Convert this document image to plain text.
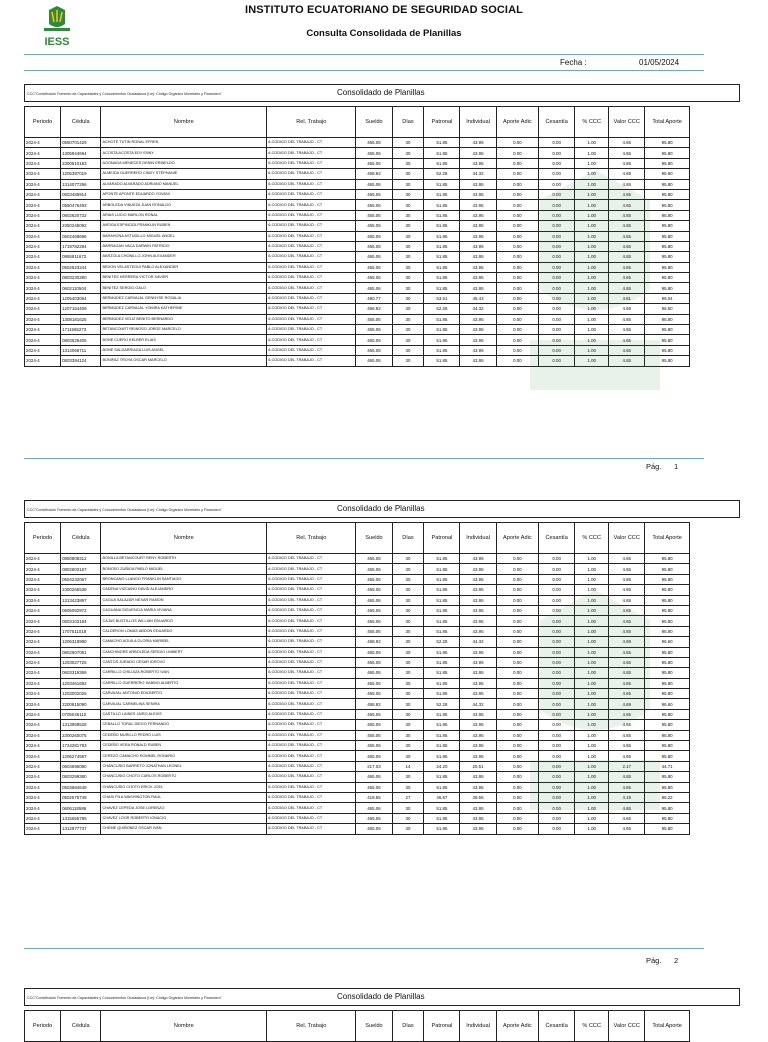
IESS
INSTITUTO ECUATORIANO DE SEGURIDAD SOCIAL
Consulta Consolidada de Planillas
Fecha :	01/05/2024
CCC"Contribución Fomento de Capacidades y Conocimientos Ciudadanos (Ley: Código Orgánico Monetario y Financiero"	Consolidado de Planillas
Periodo	Cédula	Nombre	Rel. Trabajo	Sueldo	Días	Patronal	Individual	Aporte Adic	Cesantía	% CCC	Valor CCC	Total Aporte
2024-4	0550701429	ACHOTE TUTIN RONAL EFREN	6-CODIGO DEL TRABAJO - CT	465.06	30	51.85	43.95	0.00	0.00	1.00	4.65	95.80
2024-4	1305944694	ACOSTA ACOSTA EDY ENNY	6-CODIGO DEL TRABAJO - CT	465.06	30	51.85	43.95	0.00	0.00	1.00	4.65	95.80
2024-4	2300510183	AGONAGA MENECES DENIN ERINELDO	6-CODIGO DEL TRABAJO - CT	465.06	30	51.85	43.95	0.00	0.00	1.00	4.65	95.80
2024-4	1205397019	ALMEIDA GUERRERO CINDY STEPHANIE	6-CODIGO DEL TRABAJO - CT	468.92	30	52.28	44.32	0.00	0.00	1.00	4.69	96.60
2024-4	1314077296	ALVARADO ALVARADO ADRIANO MANUEL	6-CODIGO DEL TRABAJO - CT	465.06	30	51.85	43.95	0.00	0.00	1.00	4.65	95.80
2024-4	0503485914	APONTE APONTE EDUARDO YOVANI	6-CODIGO DEL TRABAJO - CT	465.06	30	51.85	43.95	0.00	0.00	1.00	4.65	95.80
2024-4	0550476493	ARBOLEDA VINUEZA JUAN RONALDO	6-CODIGO DEL TRABAJO - CT	465.06	30	51.85	43.95	0.00	0.00	1.00	4.65	95.80
2024-4	0802620732	ARIAS LUCIO MARLON RONAL	6-CODIGO DEL TRABAJO - CT	465.06	30	51.85	43.95	0.00	0.00	1.00	4.65	95.80
2024-4	2350246092	AVEIGA ESPINOZA FRANKLIN RUBEN	6-CODIGO DEL TRABAJO - CT	465.06	30	51.85	43.95	0.00	0.00	1.00	4.65	95.80
2024-4	0602468696	BARAHONA ASTUDILLO MIGUEL ANGEL	6-CODIGO DEL TRABAJO - CT	465.06	30	51.85	43.95	0.00	0.00	1.00	4.65	95.80
2024-4	1719782284	BARRAGAN VACA DARWIN PATRICIO	6-CODIGO DEL TRABAJO - CT	465.06	30	51.85	43.95	0.00	0.00	1.00	4.65	95.80
2024-4	0955911672	BARZOLA CHONILLO JOHN ALEXANDER	6-CODIGO DEL TRABAJO - CT	465.06	30	51.85	43.95	0.00	0.00	1.00	4.65	95.80
2024-4	0502523244	BEDON VELASTEGUI PABLO ALEXANDER	6-CODIGO DEL TRABAJO - CT	465.06	30	51.85	43.95	0.00	0.00	1.00	4.65	95.80
2024-4	0803230390	BENITES HERRERA VICTOR XAVIER	6-CODIGO DEL TRABAJO - CT	465.06	30	51.85	43.95	0.00	0.00	1.00	4.65	95.80
2024-4	0602110504	BENITEZ SERGIO GALO	6-CODIGO DEL TRABAJO - CT	465.06	30	51.85	43.95	0.00	0.00	1.00	4.65	95.80
2024-4	1205403064	BERMUDEZ CARVAJAL GENNYSE ROSALIA	6-CODIGO DEL TRABAJO - CT	480.77	30	53.61	45.43	0.00	0.00	1.00	4.81	99.04
2024-4	1207164409	BERMUDEZ CARVAJAL YOMIRA KATHERINE	6-CODIGO DEL TRABAJO - CT	468.92	30	52.28	44.32	0.00	0.00	1.00	4.69	96.60
2024-4	1308181625	BERMUDEZ VELIZ BENITO BERNARDO	6-CODIGO DEL TRABAJO - CT	465.06	30	51.85	43.95	0.00	0.00	1.00	4.65	95.80
2024-4	1711565273	BETANCOURT REINOSO JORGE MARCELO	6-CODIGO DEL TRABAJO - CT	465.06	30	51.85	43.95	0.00	0.00	1.00	4.65	95.80
2024-4	0803528405	BONE CUERO KELBER ELIAS	6-CODIGO DEL TRABAJO - CT	465.06	30	51.85	43.95	0.00	0.00	1.00	4.65	95.80
2024-4	1314066711	BONE SALDARRIAGA LUIS ANGEL	6-CODIGO DEL TRABAJO - CT	465.06	30	51.85	43.95	0.00	0.00	1.00	4.65	95.80
2024-4	0503394124	BONIFAZ TROYA OSCAR MARCELO	6-CODIGO DEL TRABAJO - CT	465.06	30	51.85	43.95	0.00	0.00	1.00	4.65	95.80
Pág. 1
CCC"Contribución Fomento de Capacidades y Conocimientos Ciudadanos (Ley: Código Orgánico Monetario y Financiero"	Consolidado de Planillas
Periodo	Cédula	Nombre	Rel. Trabajo	Sueldo	Días	Patronal	Individual	Aporte Adic	Cesantía	% CCC	Valor CCC	Total Aporte
2024-4	0850808312	BONILLA BETANCOURT RENY ROBERTH	6-CODIGO DEL TRABAJO - CT	465.06	30	51.85	43.95	0.00	0.00	1.00	4.65	95.80
2024-4	0802603167	BONOSO ZUÑIGA PABLO MIGUEL	6-CODIGO DEL TRABAJO - CT	465.06	30	51.85	43.95	0.00	0.00	1.00	4.65	95.80
2024-4	0504232067	BRONCANO LLANGO FRANKLIN SANTIAGO	6-CODIGO DEL TRABAJO - CT	465.06	30	51.85	43.95	0.00	0.00	1.00	4.65	95.80
2024-4	2300266539	CADENA VIZCAINO DAVID ALEJANDRO	6-CODIGO DEL TRABAJO - CT	465.06	30	51.85	43.95	0.00	0.00	1.00	4.65	95.80
2024-4	1313423897	CAGUA SALAZAR NEXAR RAMON	6-CODIGO DEL TRABAJO - CT	465.06	30	51.85	43.95	0.00	0.00	1.00	4.65	95.80
2024-4	0605092972	CAGUANA SIGUENCIA MARIA VIVIANA	6-CODIGO DEL TRABAJO - CT	465.06	30	51.85	43.95	0.00	0.00	1.00	4.65	95.80
2024-4	0503103194	CAJAS BUSTILLOS WILLIAN EDUARDO	6-CODIGO DEL TRABAJO - CT	465.06	30	51.85	43.95	0.00	0.00	1.00	4.65	95.80
2024-4	1707511018	CALDERON LOMAS ABDON EDUARDO	6-CODIGO DEL TRABAJO - CT	465.06	30	51.85	43.95	0.00	0.00	1.00	4.65	95.80
2024-4	1206318980	CAMACHO AGUILA GLORIA MARIBEL	6-CODIGO DEL TRABAJO - CT	468.92	30	52.28	44.32	0.00	0.00	1.00	4.69	96.60
2024-4	0802607051	CANCHINGRE ARBOLEDA SERGIO LIMBERT	6-CODIGO DEL TRABAJO - CT	465.06	30	51.85	43.95	0.00	0.00	1.00	4.65	95.80
2024-4	1203027725	CANTOS JURADO CESAR IDROVO	6-CODIGO DEL TRABAJO - CT	465.06	30	51.85	43.95	0.00	0.00	1.00	4.65	95.80
2024-4	0603319369	CARRILLO CHILUIZA ROBERTO IVAN	6-CODIGO DEL TRABAJO - CT	465.06	30	51.85	43.95	0.00	0.00	1.00	4.65	95.80
2024-4	1203461692	CARRILLO GUERRERO SABINO ALBERTO	6-CODIGO DEL TRABAJO - CT	465.06	30	51.85	43.95	0.00	0.00	1.00	4.65	95.80
2024-4	1203002025	CARVAJAL ANTONIO EDILBERTO	6-CODIGO DEL TRABAJO - CT	465.06	30	51.85	43.95	0.00	0.00	1.00	4.65	95.80
2024-4	2200815090	CARVAJAL CARMELINA SENIRA	6-CODIGO DEL TRABAJO - CT	468.92	30	52.28	44.32	0.00	0.00	1.00	4.69	96.60
2024-4	0705045110	CASTILLO LAINES JAIRO ALEXIS	6-CODIGO DEL TRABAJO - CT	465.06	30	51.85	43.95	0.00	0.00	1.00	4.65	95.80
2024-4	1313959528	CEBALLO TORAL DIEGO FERNANDO	6-CODIGO DEL TRABAJO - CT	465.06	30	51.85	43.95	0.00	0.00	1.00	4.65	95.80
2024-4	2300260075	CEDEÑO MURILLO PEDRO LUIS	6-CODIGO DEL TRABAJO - CT	465.06	30	51.85	43.95	0.00	0.00	1.00	4.65	95.80
2024-4	1724281793	CEDEÑO VERA RONALD RUBEN	6-CODIGO DEL TRABAJO - CT	465.06	30	51.85	43.95	0.00	0.00	1.00	4.65	95.80
2024-4	1206274587	CEREZO CAMACHO ROMMEL RONARIO	6-CODIGO DEL TRABAJO - CT	465.06	30	51.85	43.95	0.00	0.00	1.00	4.65	95.80
2024-4	0604695080	CHANCUSIG BARRETO JONATHAN LEONEL	6-CODIGO DEL TRABAJO - CT	217.03	14	24.20	20.51	0.00	0.00	1.00	2.17	44.71
2024-4	0503299380	CHANCUSIG CHOTO CARLOS ROBERTO	6-CODIGO DEL TRABAJO - CT	465.06	30	51.85	43.95	0.00	0.00	1.00	4.65	95.80
2024-4	0503684649	CHANCUSIG CHOTO ERICK JOEL	6-CODIGO DEL TRABAJO - CT	465.06	30	51.85	43.95	0.00	0.00	1.00	4.65	95.80
2024-4	0502575749	CHASI PILA WASHINGTON RAUL	6-CODIGO DEL TRABAJO - CT	418.55	27	46.67	39.55	0.00	0.00	1.00	4.19	86.22
2024-4	0606118586	CHAVEZ CEPEDA JOSE LORENZO	6-CODIGO DEL TRABAJO - CT	465.06	30	51.85	43.95	0.00	0.00	1.00	4.65	95.80
2024-4	1315655785	CHAVEZ LOOR ROBERTO IGNACIO	6-CODIGO DEL TRABAJO - CT	465.06	30	51.85	43.95	0.00	0.00	1.00	4.65	95.80
2024-4	1312977737	CHEME QUIÑONEZ OSCAR IVAN	6-CODIGO DEL TRABAJO - CT	465.06	30	51.85	43.95	0.00	0.00	1.00	4.65	95.80
Pág. 2
CCC"Contribución Fomento de Capacidades y Conocimientos Ciudadanos (Ley: Código Orgánico Monetario y Financiero"	Consolidado de Planillas
Periodo	Cédula	Nombre	Rel. Trabajo	Sueldo	Días	Patronal	Individual	Aporte Adic	Cesantía	% CCC	Valor CCC	Total Aporte
